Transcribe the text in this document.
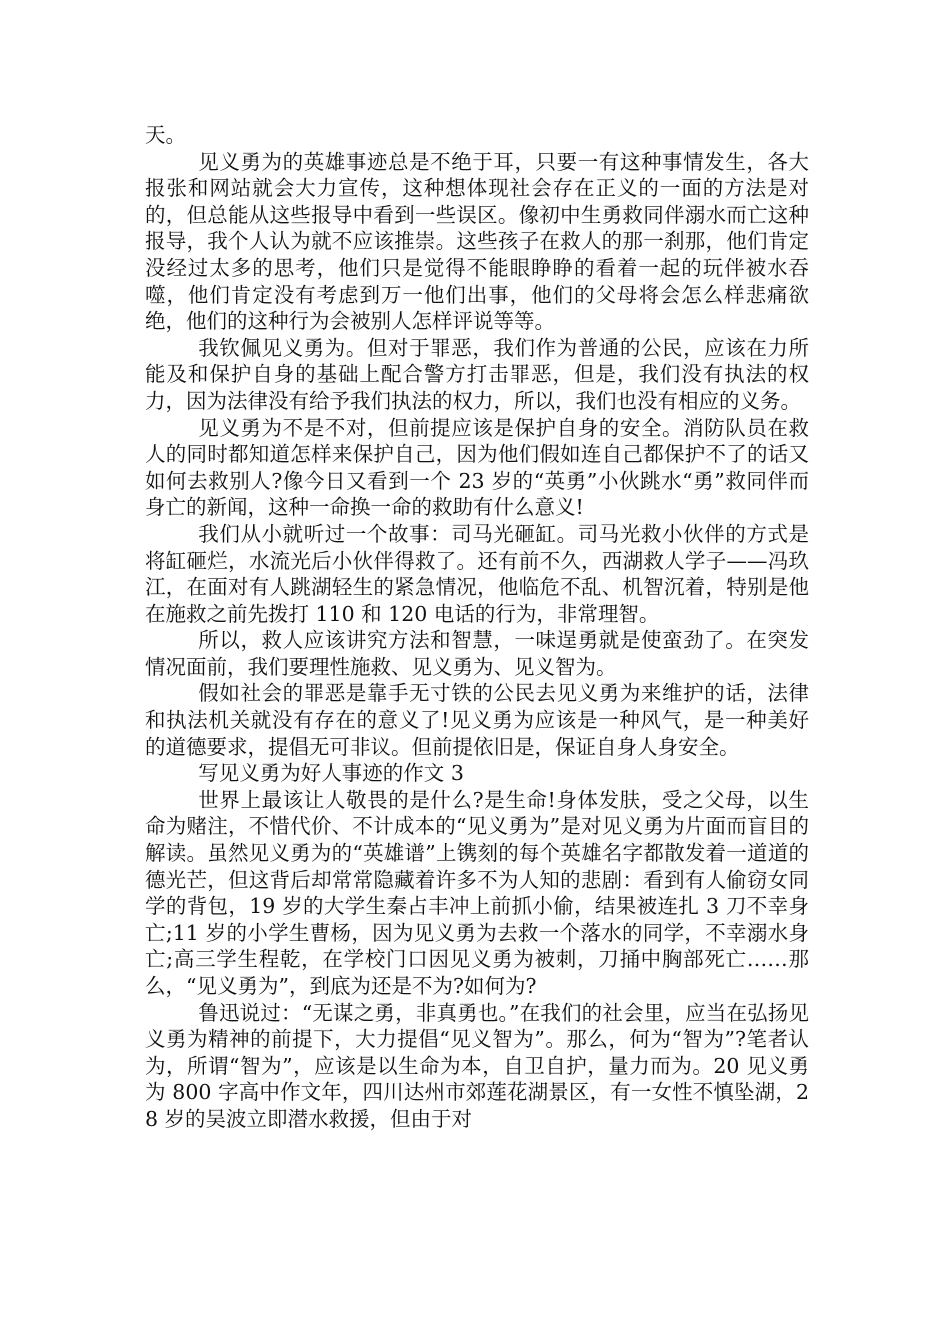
天。

见义勇为的英雄事迹总是不绝于耳，只要一有这种事情发生，各大报张和网站就会大力宣传，这种想体现社会存在正义的一面的方法是对的，但总能从这些报导中看到一些误区。像初中生勇救同伴溺水而亡这种报导，我个人认为就不应该推崇。这些孩子在救人的那一刹那，他们肯定没经过太多的思考，他们只是觉得不能眼睁睁的看着一起的玩伴被水吞噬，他们肯定没有考虑到万一他们出事，他们的父母将会怎么样悲痛欲绝，他们的这种行为会被别人怎样评说等等。

我钦佩见义勇为。但对于罪恶，我们作为普通的公民，应该在力所能及和保护自身的基础上配合警方打击罪恶，但是，我们没有执法的权力，因为法律没有给予我们执法的权力，所以，我们也没有相应的义务。

见义勇为不是不对，但前提应该是保护自身的安全。消防队员在救人的同时都知道怎样来保护自己，因为他们假如连自己都保护不了的话又如何去救别人?像今日又看到一个 23 岁的“英勇”小伙跳水“勇”救同伴而身亡的新闻，这种一命换一命的救助有什么意义!

我们从小就听过一个故事：司马光砸缸。司马光救小伙伴的方式是将缸砸烂，水流光后小伙伴得救了。还有前不久，西湖救人学子——冯玖江，在面对有人跳湖轻生的紧急情况，他临危不乱、机智沉着，特别是他在施救之前先拨打 110 和 120 电话的行为，非常理智。

所以，救人应该讲究方法和智慧，一味逞勇就是使蛮劲了。在突发情况面前，我们要理性施救、见义勇为、见义智为。

假如社会的罪恶是靠手无寸铁的公民去见义勇为来维护的话，法律和执法机关就没有存在的意义了!见义勇为应该是一种风气，是一种美好的道德要求，提倡无可非议。但前提依旧是，保证自身人身安全。

写见义勇为好人事迹的作文 3

世界上最该让人敬畏的是什么?是生命!身体发肤，受之父母，以生命为赌注，不惜代价、不计成本的“见义勇为”是对见义勇为片面而盲目的解读。虽然见义勇为的“英雄谱”上镌刻的每个英雄名字都散发着一道道的德光芒，但这背后却常常隐藏着许多不为人知的悲剧：看到有人偷窃女同学的背包，19 岁的大学生秦占丰冲上前抓小偷，结果被连扎 3 刀不幸身亡;11 岁的小学生曹杨，因为见义勇为去救一个落水的同学，不幸溺水身亡;高三学生程乾，在学校门口因见义勇为被刺，刀捅中胸部死亡……那么，“见义勇为”，到底为还是不为?如何为?

鲁迅说过：“无谋之勇，非真勇也。”在我们的社会里，应当在弘扬见义勇为精神的前提下，大力提倡“见义智为”。那么，何为“智为”?笔者认为，所谓“智为”，应该是以生命为本，自卫自护，量力而为。20 见义勇为 800 字高中作文年，四川达州市郊莲花湖景区，有一女性不慎坠湖，28 岁的吴波立即潜水救援，但由于对
